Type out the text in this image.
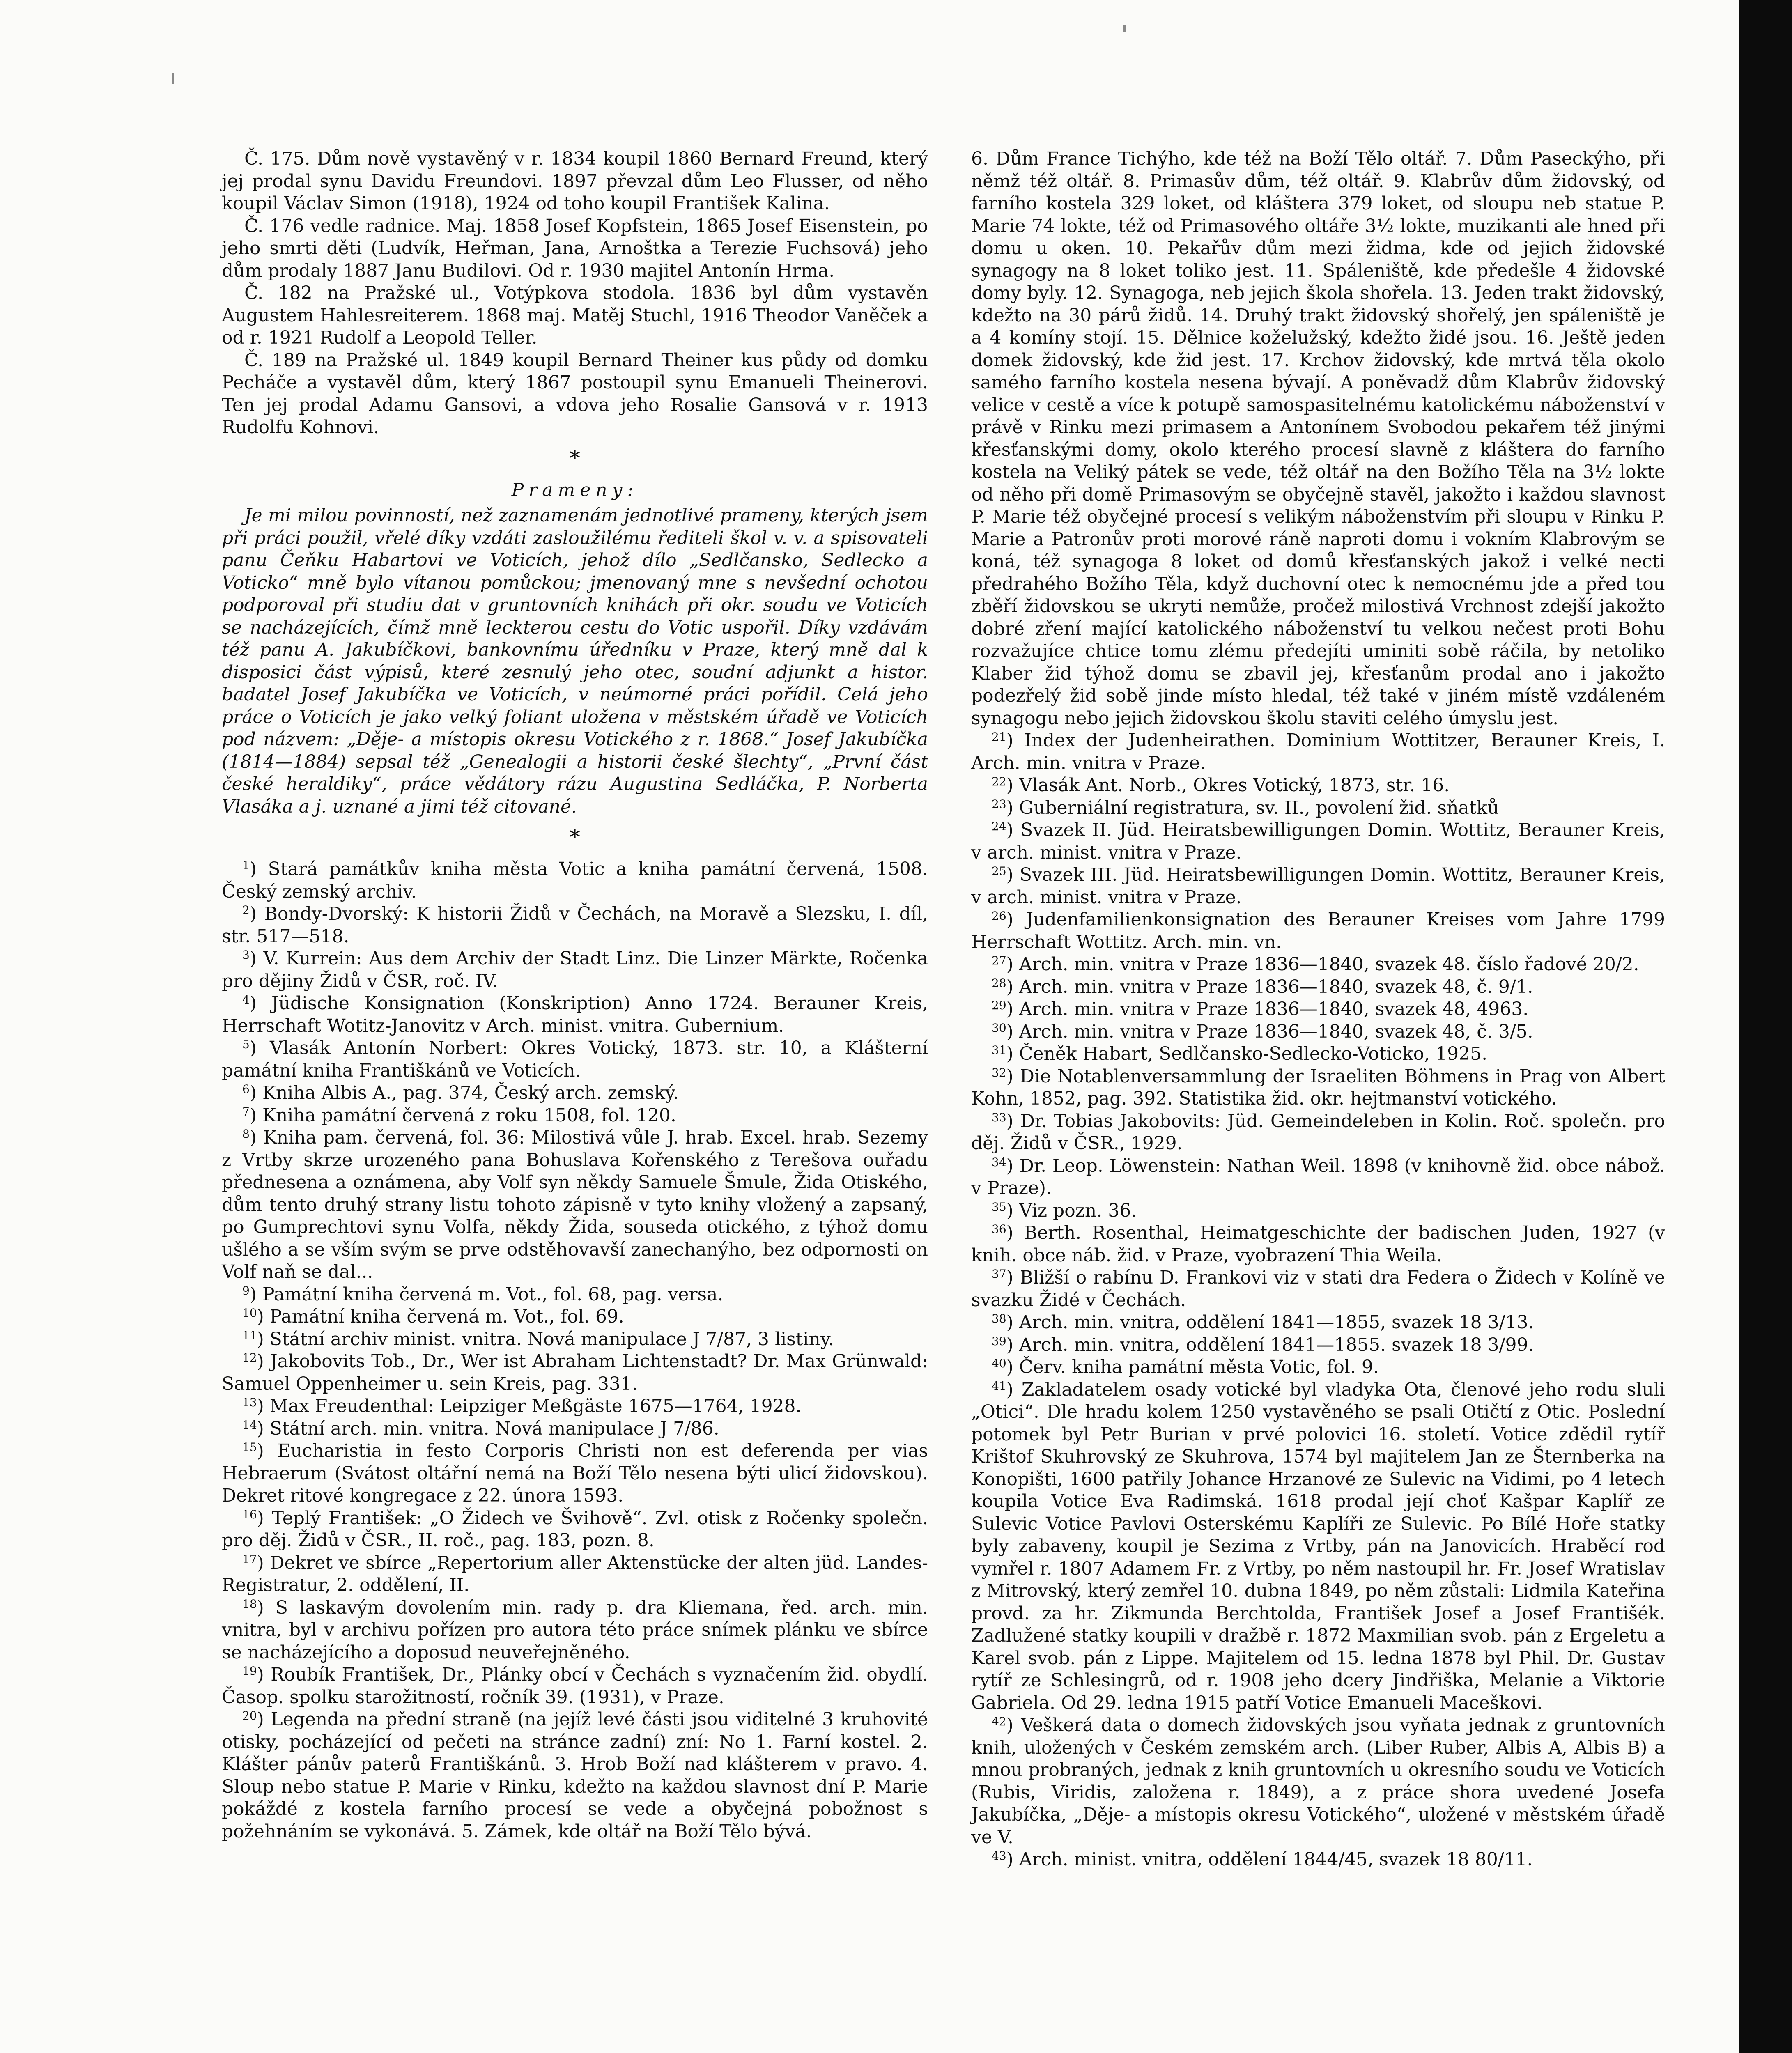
Č. 175. Dům nově vystavěný v r. 1834 koupil 1860 Bernard Freund, který jej prodal synu Davidu Freundovi. 1897 převzal dům Leo Flusser, od něho koupil Václav Simon (1918), 1924 od toho koupil František Kalina.

Č. 176 vedle radnice. Maj. 1858 Josef Kopfstein, 1865 Josef Eisenstein, po jeho smrti děti (Ludvík, Heřman, Jana, Arnoštka a Terezie Fuchsová) jeho dům prodaly 1887 Janu Budilovi. Od r. 1930 majitel Antonín Hrma.

Č. 182 na Pražské ul., Votýpkova stodola. 1836 byl dům vystavěn Augustem Hahlesreiterem. 1868 maj. Matěj Stuchl, 1916 Theodor Vaněček a od r. 1921 Rudolf a Leopold Teller.

Č. 189 na Pražské ul. 1849 koupil Bernard Theiner kus půdy od domku Pecháče a vystavěl dům, který 1867 postoupil synu Emanueli Theinerovi. Ten jej prodal Adamu Gansovi, a vdova jeho Rosalie Gansová v r. 1913 Rudolfu Kohnovi.

*
Prameny:

Je mi milou povinností, než zaznamenám jednotlivé prameny, kterých jsem při práci použil, vřelé díky vzdáti zasloužilému řediteli škol v. v. a spisovateli panu Čeňku Habartovi ve Voticích, jehož dílo „Sedlčansko, Sedlecko a Voticko“ mně bylo vítanou pomůckou; jmenovaný mne s nevšední ochotou podporoval při studiu dat v gruntovních knihách při okr. soudu ve Voticích se nacházejících, čímž mně leckterou cestu do Votic uspořil. Díky vzdávám též panu A. Jakubíčkovi, bankovnímu úředníku v Praze, který mně dal k disposici část výpisů, které zesnulý jeho otec, soudní adjunkt a histor. badatel Josef Jakubíčka ve Voticích, v neúmorné práci pořídil. Celá jeho práce o Voticích je jako velký foliant uložena v městském úřadě ve Voticích pod názvem: „Děje- a místopis okresu Votického z r. 1868.“ Josef Jakubíčka (1814—1884) sepsal též „Genealogii a historii české šlechty“, „První část české heraldiky“, práce vědátory rázu Augustina Sedláčka, P. Norberta Vlasáka a j. uznané a jimi též citované.

*

$^1$) Stará památkův kniha města Votic a kniha památní červená, 1508. Český zemský archiv.

$^2$) Bondy-Dvorský: K historii Židů v Čechách, na Moravě a Slezsku, I. díl, str. 517—518.

$^3$) V. Kurrein: Aus dem Archiv der Stadt Linz. Die Linzer Märkte, Ročenka pro dějiny Židů v ČSR, roč. IV.

$^4$) Jüdische Konsignation (Konskription) Anno 1724. Berauner Kreis, Herrschaft Wotitz-Janovitz v Arch. minist. vnitra. Gubernium.

$^5$) Vlasák Antonín Norbert: Okres Votický, 1873. str. 10, a Klášterní památní kniha Františkánů ve Voticích.

$^6$) Kniha Albis A., pag. 374, Český arch. zemský.

$^7$) Kniha památní červená z roku 1508, fol. 120.

$^8$) Kniha pam. červená, fol. 36: Milostivá vůle J. hrab. Excel. hrab. Sezemy z Vrtby skrze urozeného pana Bohuslava Kořenského z Terešova ouřadu přednesena a oznámena, aby Volf syn někdy Samuele Šmule, Žida Otiského, dům tento druhý strany listu tohoto zápisně v tyto knihy vložený a zapsaný, po Gumprechtovi synu Volfa, někdy Žida, souseda otického, z týhož domu ušlého a se vším svým se prve odstěhovavší zanechanýho, bez odpornosti on Volf naň se dal...

$^9$) Památní kniha červená m. Vot., fol. 68, pag. versa.

$^{10}$) Památní kniha červená m. Vot., fol. 69.

$^{11}$) Státní archiv minist. vnitra. Nová manipulace J 7/87, 3 listiny.

$^{12}$) Jakobovits Tob., Dr., Wer ist Abraham Lichtenstadt? Dr. Max Grünwald: Samuel Oppenheimer u. sein Kreis, pag. 331.

$^{13}$) Max Freudenthal: Leipziger Meßgäste 1675—1764, 1928.

$^{14}$) Státní arch. min. vnitra. Nová manipulace J 7/86.

$^{15}$) Eucharistia in festo Corporis Christi non est deferenda per vias Hebraerum (Svátost oltářní nemá na Boží Tělo nesena býti ulicí židovskou). Dekret ritové kongregace z 22. února 1593.

$^{16}$) Teplý František: „O Židech ve Švihově“. Zvl. otisk z Ročenky společn. pro děj. Židů v ČSR., II. roč., pag. 183, pozn. 8.

$^{17}$) Dekret ve sbírce „Repertorium aller Aktenstücke der alten jüd. Landes-Registratur, 2. oddělení, II.

$^{18}$) S laskavým dovolením min. rady p. dra Kliemana, řed. arch. min. vnitra, byl v archivu pořízen pro autora této práce snímek plánku ve sbírce se nacházejícího a doposud neuveřejněného.

$^{19}$) Roubík František, Dr., Plánky obcí v Čechách s vyznačením žid. obydlí. Časop. spolku starožitností, ročník 39. (1931), v Praze.

$^{20}$) Legenda na přední straně (na jejíž levé části jsou viditelné 3 kruhovité otisky, pocházející od pečeti na stránce zadní) zní: No 1. Farní kostel. 2. Klášter pánův paterů Františkánů. 3. Hrob Boží nad klášterem v pravo. 4. Sloup nebo statue P. Marie v Rinku, kdežto na každou slavnost dní P. Marie pokáždé z kostela farního procesí se vede a obyčejná pobožnost s požehnáním se vykonává. 5. Zámek, kde oltář na Boží Tělo bývá.

6. Dům France Tichýho, kde též na Boží Tělo oltář. 7. Dům Paseckýho, při němž též oltář. 8. Primasův dům, též oltář. 9. Klabrův dům židovský, od farního kostela 329 loket, od kláštera 379 loket, od sloupu neb statue P. Marie 74 lokte, též od Primasového oltáře 3½ lokte, muzikanti ale hned při domu u oken. 10. Pekařův dům mezi židma, kde od jejich židovské synagogy na 8 loket toliko jest. 11. Spáleniště, kde předešle 4 židovské domy byly. 12. Synagoga, neb jejich škola shořela. 13. Jeden trakt židovský, kdežto na 30 párů židů. 14. Druhý trakt židovský shořelý, jen spáleniště je a 4 komíny stojí. 15. Dělnice koželužský, kdežto židé jsou. 16. Ještě jeden domek židovský, kde žid jest. 17. Krchov židovský, kde mrtvá těla okolo samého farního kostela nesena bývají. A poněvadž dům Klabrův židovský velice v cestě a více k potupě samospasitelnému katolickému náboženství v právě v Rinku mezi primasem a Antonínem Svobodou pekařem též jinými křesťanskými domy, okolo kterého procesí slavně z kláštera do farního kostela na Veliký pátek se vede, též oltář na den Božího Těla na 3½ lokte od něho při domě Primasovým se obyčejně stavěl, jakožto i každou slavnost P. Marie též obyčejné procesí s velikým náboženstvím při sloupu v Rinku P. Marie a Patronův proti morové ráně naproti domu i vokním Klabrovým se koná, též synagoga 8 loket od domů křesťanských jakož i velké necti předrahého Božího Těla, když duchovní otec k nemocnému jde a před tou zběří židovskou se ukryti nemůže, pročež milostivá Vrchnost zdejší jakožto dobré zření mající katolického náboženství tu velkou nečest proti Bohu rozvažujíce chtice tomu zlému předejíti uminiti sobě ráčila, by netoliko Klaber žid týhož domu se zbavil jej, křesťanům prodal ano i jakožto podezřelý žid sobě jinde místo hledal, též také v jiném místě vzdáleném synagogu nebo jejich židovskou školu staviti celého úmyslu jest.

$^{21}$) Index der Judenheirathen. Dominium Wottitzer, Berauner Kreis, I. Arch. min. vnitra v Praze.

$^{22}$) Vlasák Ant. Norb., Okres Votický, 1873, str. 16.

$^{23}$) Guberniální registratura, sv. II., povolení žid. sňatků

$^{24}$) Svazek II. Jüd. Heiratsbewilligungen Domin. Wottitz, Berauner Kreis, v arch. minist. vnitra v Praze.

$^{25}$) Svazek III. Jüd. Heiratsbewilligungen Domin. Wottitz, Berauner Kreis, v arch. minist. vnitra v Praze.

$^{26}$) Judenfamilienkonsignation des Berauner Kreises vom Jahre 1799 Herrschaft Wottitz. Arch. min. vn.

$^{27}$) Arch. min. vnitra v Praze 1836—1840, svazek 48. číslo řadové 20/2.

$^{28}$) Arch. min. vnitra v Praze 1836—1840, svazek 48, č. 9/1.

$^{29}$) Arch. min. vnitra v Praze 1836—1840, svazek 48, 4963.

$^{30}$) Arch. min. vnitra v Praze 1836—1840, svazek 48, č. 3/5.

$^{31}$) Čeněk Habart, Sedlčansko-Sedlecko-Voticko, 1925.

$^{32}$) Die Notablenversammlung der Israeliten Böhmens in Prag von Albert Kohn, 1852, pag. 392. Statistika žid. okr. hejtmanství votického.

$^{33}$) Dr. Tobias Jakobovits: Jüd. Gemeindeleben in Kolin. Roč. společn. pro děj. Židů v ČSR., 1929.

$^{34}$) Dr. Leop. Löwenstein: Nathan Weil. 1898 (v knihovně žid. obce nábož. v Praze).

$^{35}$) Viz pozn. 36.

$^{36}$) Berth. Rosenthal, Heimatgeschichte der badischen Juden, 1927 (v knih. obce náb. žid. v Praze, vyobrazení Thia Weila.

$^{37}$) Bližší o rabínu D. Frankovi viz v stati dra Federa o Židech v Kolíně ve svazku Židé v Čechách.

$^{38}$) Arch. min. vnitra, oddělení 1841—1855, svazek 18 3/13.

$^{39}$) Arch. min. vnitra, oddělení 1841—1855. svazek 18 3/99.

$^{40}$) Červ. kniha památní města Votic, fol. 9.

$^{41}$) Zakladatelem osady votické byl vladyka Ota, členové jeho rodu sluli „Otici“. Dle hradu kolem 1250 vystavěného se psali Otičtí z Otic. Poslední potomek byl Petr Burian v prvé polovici 16. století. Votice zdědil rytíř Krištof Skuhrovský ze Skuhrova, 1574 byl majitelem Jan ze Šternberka na Konopišti, 1600 patřily Johance Hrzanové ze Sulevic na Vidimi, po 4 letech koupila Votice Eva Radimská. 1618 prodal její choť Kašpar Kaplíř ze Sulevic Votice Pavlovi Osterskému Kaplíři ze Sulevic. Po Bílé Hoře statky byly zabaveny, koupil je Sezima z Vrtby, pán na Janovicích. Hraběcí rod vymřel r. 1807 Adamem Fr. z Vrtby, po něm nastoupil hr. Fr. Josef Wratislav z Mitrovský, který zemřel 10. dubna 1849, po něm zůstali: Lidmila Kateřina provd. za hr. Zikmunda Berchtolda, František Josef a Josef Františék. Zadlužené statky koupili v dražbě r. 1872 Maxmilian svob. pán z Ergeletu a Karel svob. pán z Lippe. Majitelem od 15. ledna 1878 byl Phil. Dr. Gustav rytíř ze Schlesingrů, od r. 1908 jeho dcery Jindřiška, Melanie a Viktorie Gabriela. Od 29. ledna 1915 patří Votice Emanueli Maceškovi.

$^{42}$) Veškerá data o domech židovských jsou vyňata jednak z gruntovních knih, uložených v Českém zemském arch. (Liber Ruber, Albis A, Albis B) a mnou probraných, jednak z knih gruntovních u okresního soudu ve Voticích (Rubis, Viridis, založena r. 1849), a z práce shora uvedené Josefa Jakubíčka, „Děje- a místopis okresu Votického“, uložené v městském úřadě ve V.

$^{43}$) Arch. minist. vnitra, oddělení 1844/45, svazek 18 80/11.
